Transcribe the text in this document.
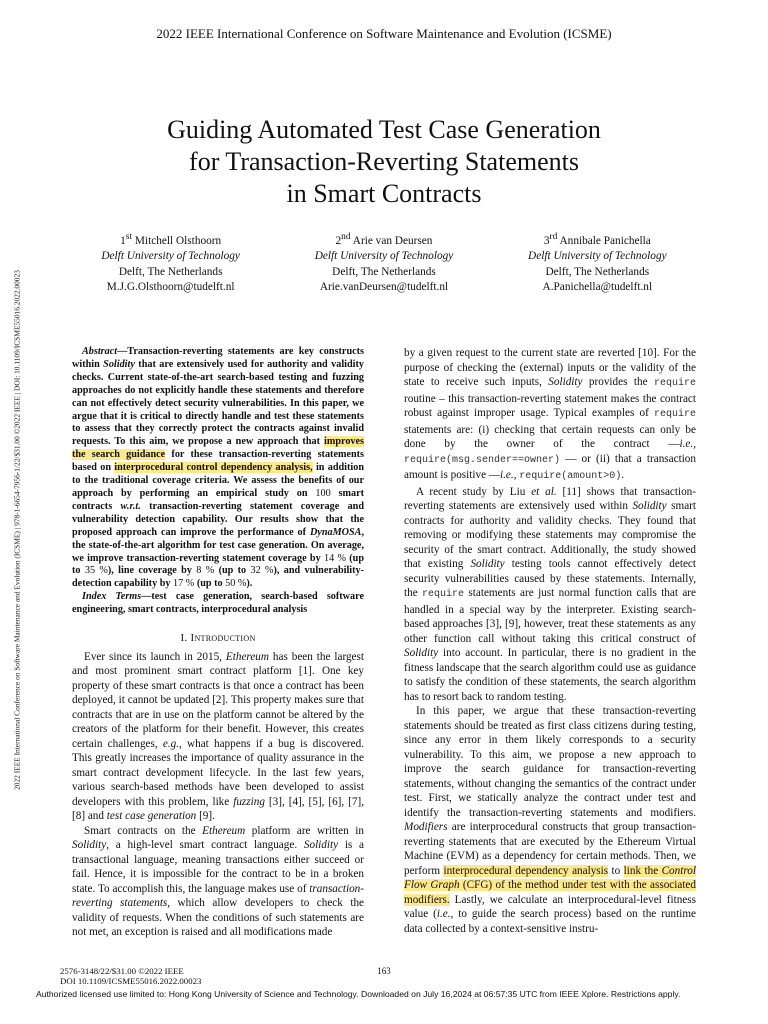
2022 IEEE International Conference on Software Maintenance and Evolution (ICSME)
2022 IEEE International Conference on Software Maintenance and Evolution (ICSME) | 978-1-6654-7956-1/22/$31.00 ©2022 IEEE | DOI: 10.1109/ICSME55016.2022.00023
Guiding Automated Test Case Generation
for Transaction-Reverting Statements
in Smart Contracts
1st Mitchell Olsthoorn
Delft University of Technology
Delft, The Netherlands
M.J.G.Olsthoorn@tudelft.nl
2nd Arie van Deursen
Delft University of Technology
Delft, The Netherlands
Arie.vanDeursen@tudelft.nl
3rd Annibale Panichella
Delft University of Technology
Delft, The Netherlands
A.Panichella@tudelft.nl

Abstract—Transaction-reverting statements are key constructs within Solidity that are extensively used for authority and validity checks. Current state-of-the-art search-based testing and fuzzing approaches do not explicitly handle these statements and therefore can not effectively detect security vulnerabilities. In this paper, we argue that it is critical to directly handle and test these statements to assess that they correctly protect the contracts against invalid requests. To this aim, we propose a new approach that improves the search guidance for these transaction-reverting statements based on interprocedural control dependency analysis, in addition to the traditional coverage criteria. We assess the benefits of our approach by performing an empirical study on 100 smart contracts w.r.t. transaction-reverting statement coverage and vulnerability detection capability. Our results show that the proposed approach can improve the performance of DynaMOSA, the state-of-the-art algorithm for test case generation. On average, we improve transaction-reverting statement coverage by 14 % (up to 35 %), line coverage by 8 % (up to 32 %), and vulnerability-detection capability by 17 % (up to 50 %).

Index Terms—test case generation, search-based software engineering, smart contracts, interprocedural analysis

I. Introduction

Ever since its launch in 2015, Ethereum has been the largest and most prominent smart contract platform [1]. One key property of these smart contracts is that once a contract has been deployed, it cannot be updated [2]. This property makes sure that contracts that are in use on the platform cannot be altered by the creators of the platform for their benefit. However, this creates certain challenges, e.g., what happens if a bug is discovered. This greatly increases the importance of quality assurance in the smart contract development lifecycle. In the last few years, various search-based methods have been developed to assist developers with this problem, like fuzzing [3], [4], [5], [6], [7], [8] and test case generation [9].

Smart contracts on the Ethereum platform are written in Solidity, a high-level smart contract language. Solidity is a transactional language, meaning transactions either succeed or fail. Hence, it is impossible for the contract to be in a broken state. To accomplish this, the language makes use of transaction-reverting statements, which allow developers to check the validity of requests. When the conditions of such statements are not met, an exception is raised and all modifications made

by a given request to the current state are reverted [10]. For the purpose of checking the (external) inputs or the validity of the state to receive such inputs, Solidity provides the require routine – this transaction-reverting statement makes the contract robust against improper usage. Typical examples of require statements are: (i) checking that certain requests can only be done by the owner of the contract —i.e., require(msg.sender==owner) — or (ii) that a transaction amount is positive —i.e., require(amount>0).

A recent study by Liu et al. [11] shows that transaction-reverting statements are extensively used within Solidity smart contracts for authority and validity checks. They found that removing or modifying these statements may compromise the security of the smart contract. Additionally, the study showed that existing Solidity testing tools cannot effectively detect security vulnerabilities caused by these statements. Internally, the require statements are just normal function calls that are handled in a special way by the interpreter. Existing search-based approaches [3], [9], however, treat these statements as any other function call without taking this critical construct of Solidity into account. In particular, there is no gradient in the fitness landscape that the search algorithm could use as guidance to satisfy the condition of these statements, the search algorithm has to resort back to random testing.

In this paper, we argue that these transaction-reverting statements should be treated as first class citizens during testing, since any error in them likely corresponds to a security vulnerability. To this aim, we propose a new approach to improve the search guidance for transaction-reverting statements, without changing the semantics of the contract under test. First, we statically analyze the contract under test and identify the transaction-reverting statements and modifiers. Modifiers are interprocedural constructs that group transaction-reverting statements that are executed by the Ethereum Virtual Machine (EVM) as a dependency for certain methods. Then, we perform interprocedural dependency analysis to link the Control Flow Graph (CFG) of the method under test with the associated modifiers. Lastly, we calculate an interprocedural-level fitness value (i.e., to guide the search process) based on the runtime data collected by a context-sensitive instru-

2576-3148/22/$31.00 ©2022 IEEE
DOI 10.1109/ICSME55016.2022.00023
163
Authorized licensed use limited to: Hong Kong University of Science and Technology. Downloaded on July 16,2024 at 06:57:35 UTC from IEEE Xplore. Restrictions apply.
